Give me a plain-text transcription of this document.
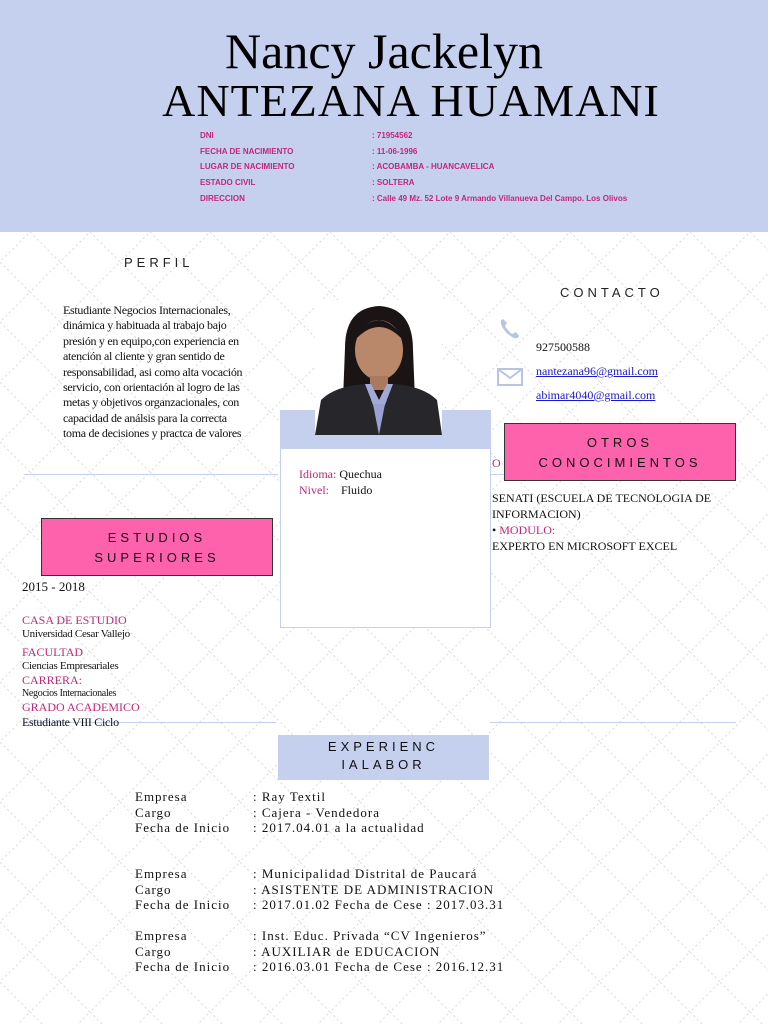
Nancy Jackelyn
ANTEZANA HUAMANI
DNI	: 71954562
FECHA DE NACIMIENTO	: 11-06-1996
LUGAR DE NACIMIENTO	: ACOBAMBA - HUANCAVELICA
ESTADO CIVIL	: SOLTERA
DIRECCION	: Calle 49 Mz. 52 Lote 9 Armando Villanueva Del Campo. Los Olivos
PERFIL
Estudiante Negocios Internacionales, dinámica y habituada al trabajo bajo presión y en equipo,con experiencia en atención al cliente y gran sentido de responsabilidad, asi como alta vocación servicio, con orientación al logro de las metas y objetivos organzacionales, con capacidad de análsis para la correcta toma de decisiones y practca de valores
Idioma: Quechua
Nivel: Fluido
CONTACTO
927500588
nantezana96@gmail.com
abimar4040@gmail.com
OTROS
CONOCIMIENTOS
O
SENATI (ESCUELA DE TECNOLOGIA DE INFORMACION)
• MODULO:
EXPERTO EN MICROSOFT EXCEL
ESTUDIOS
SUPERIORES
2015 - 2018
CASA DE ESTUDIO
Universidad Cesar Vallejo
FACULTAD
Ciencias Empresariales
CARRERA:
Negocios Internacionales
GRADO ACADEMICO
Estudiante VIII Ciclo
EXPERIENC
IALABOR
Empresa	: Ray Textil
Cargo	: Cajera - Vendedora
Fecha de Inicio	: 2017.04.01 a la actualidad
Empresa	: Municipalidad Distrital de Paucará
Cargo	: ASISTENTE DE ADMINISTRACION
Fecha de Inicio	: 2017.01.02 Fecha de Cese : 2017.03.31
Empresa	: Inst. Educ. Privada “CV Ingenieros”
Cargo	: AUXILIAR de EDUCACION
Fecha de Inicio	: 2016.03.01 Fecha de Cese : 2016.12.31
